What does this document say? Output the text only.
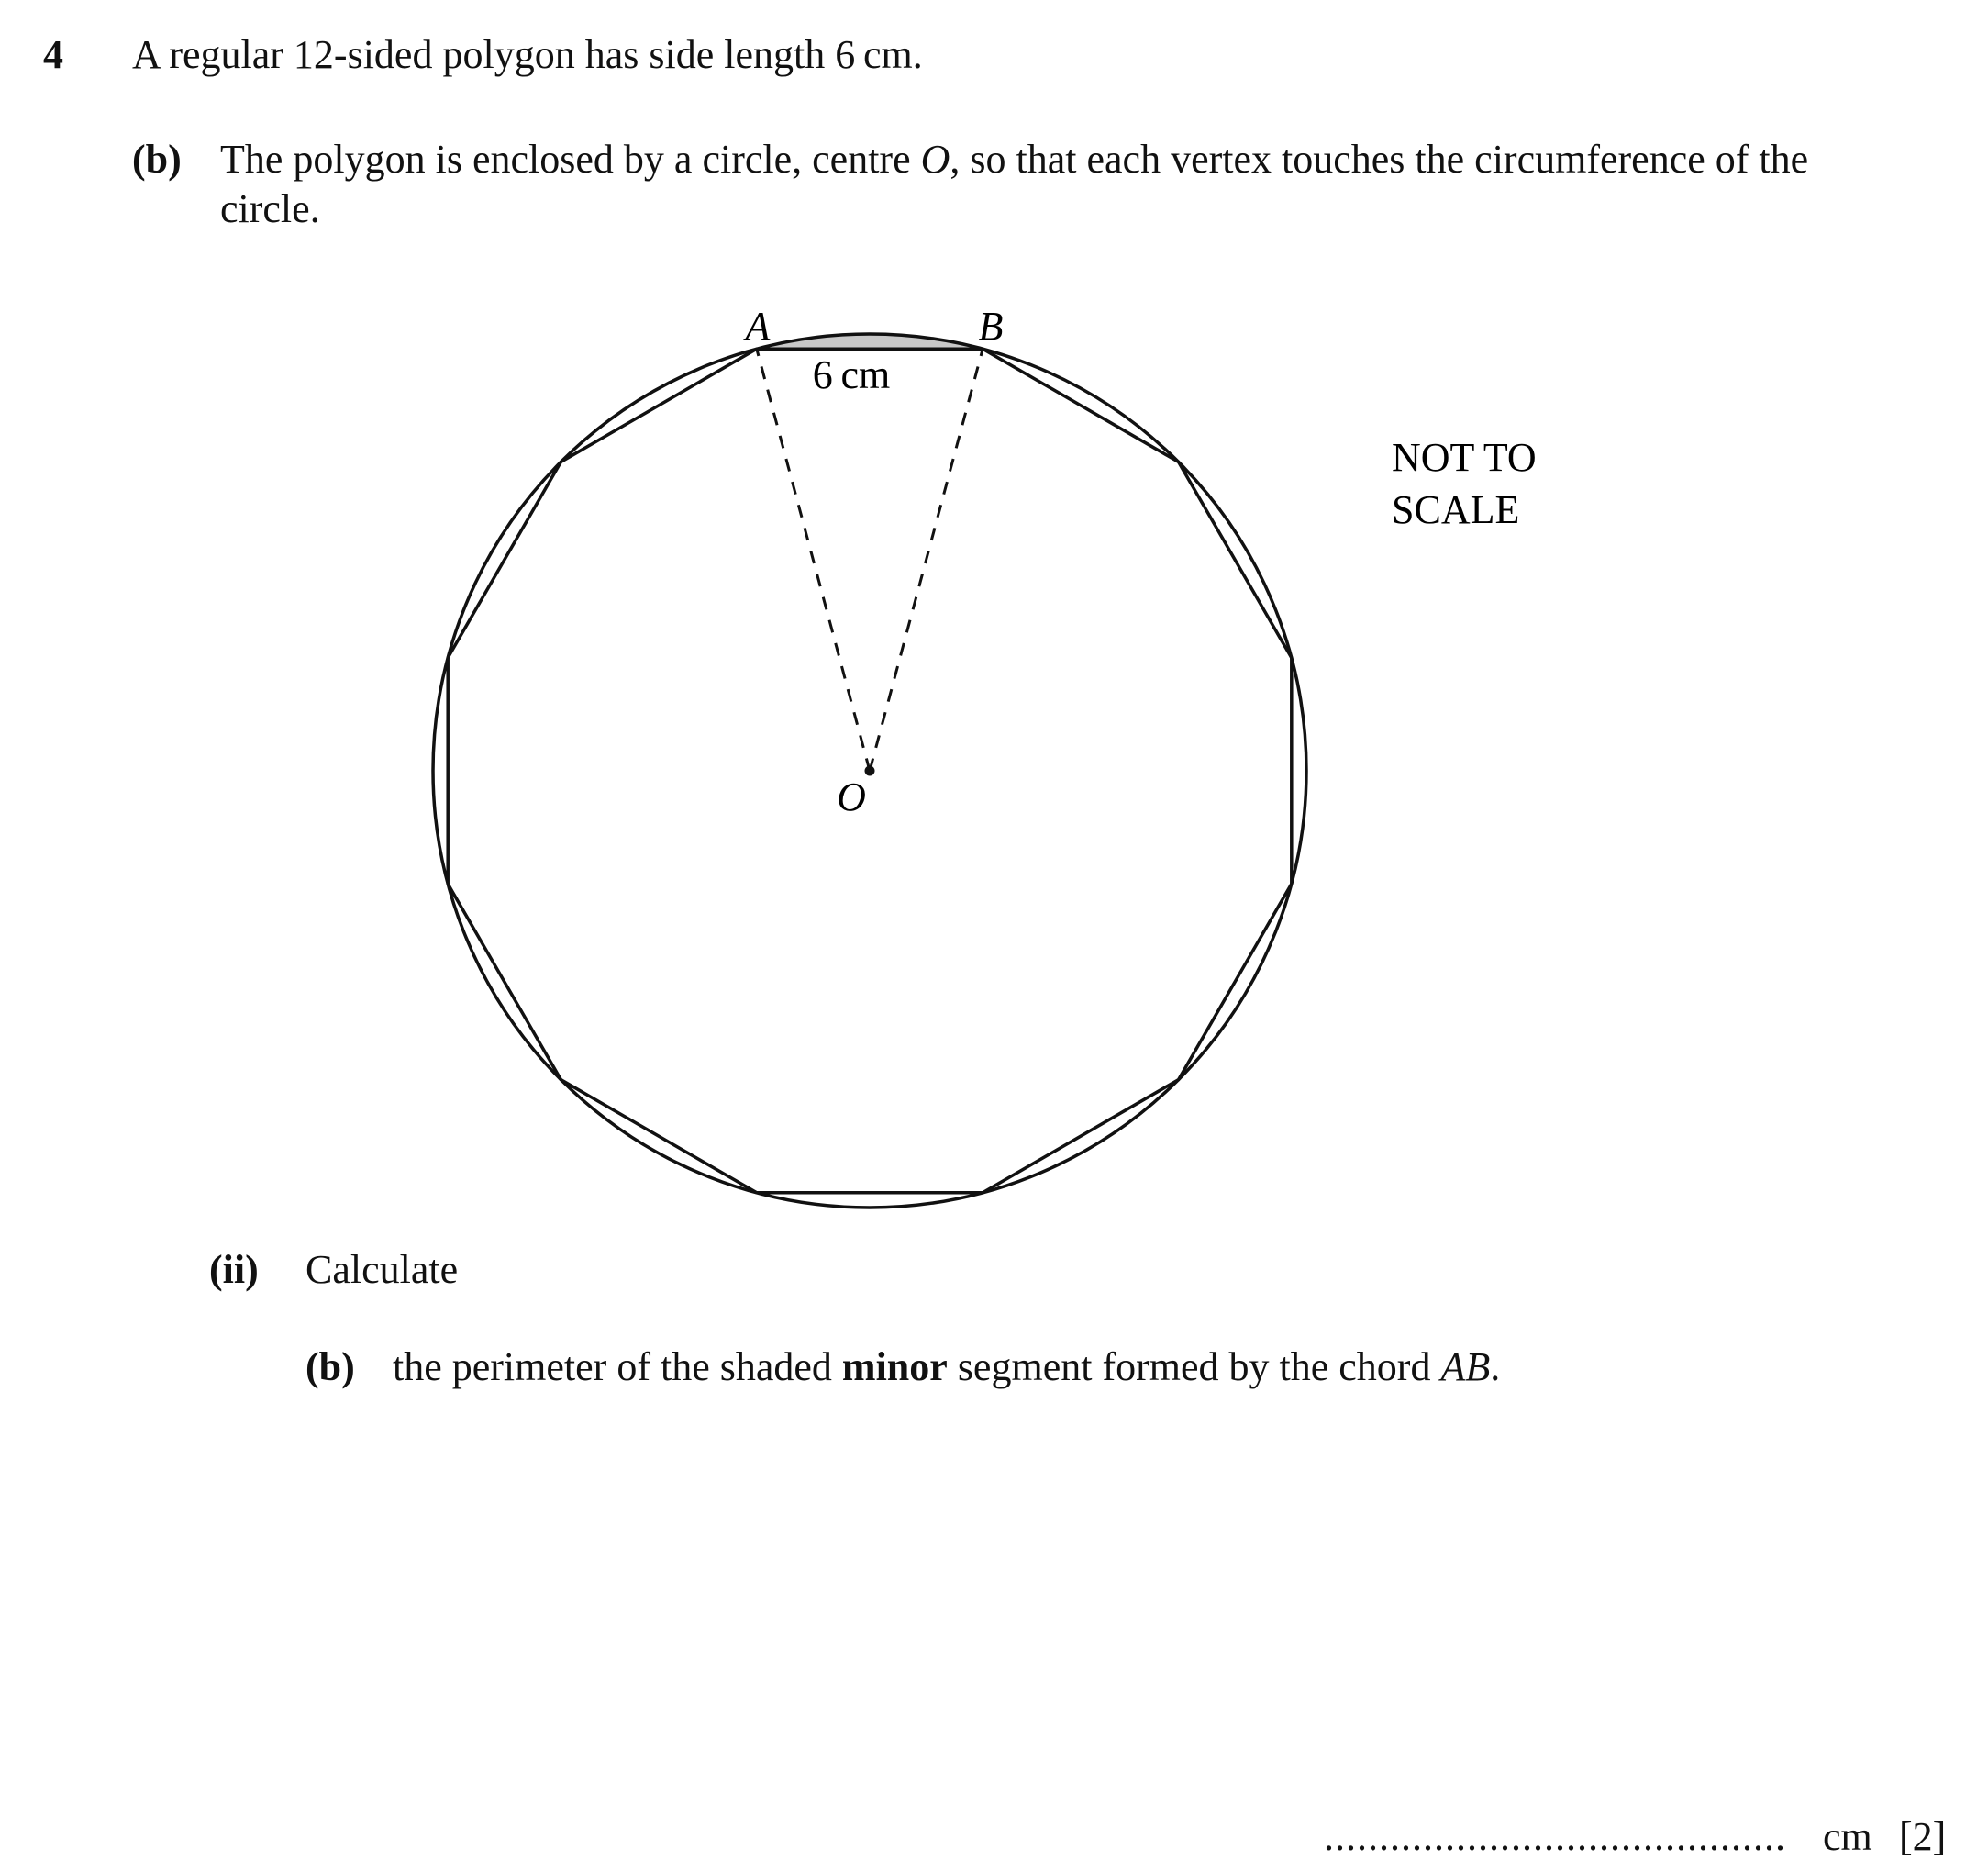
4 A regular 12-sided polygon has side length 6 cm.
(b) The polygon is enclosed by a circle, centre O, so that each vertex touches the circumference of the
circle.
A	B
6 cm
O
NOT TO
SCALE
(ii) Calculate
(b) the perimeter of the shaded minor segment formed by the chord AB.
.......................................... cm [2]
